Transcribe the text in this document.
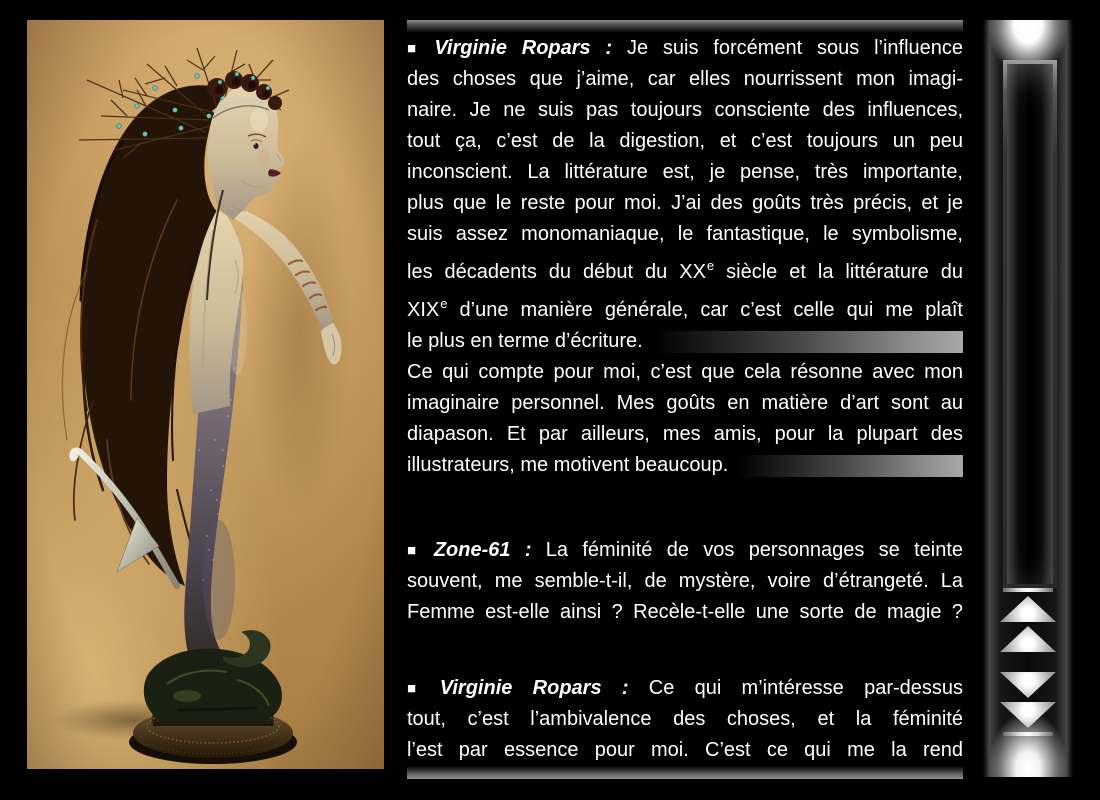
■ Virginie Ropars : Je suis forcément sous l’influence
des choses que j’aime, car elles nourrissent mon imagi-
naire. Je ne suis pas toujours consciente des influences,
tout ça, c’est de la digestion, et c’est toujours un peu
inconscient. La littérature est, je pense, très importante,
plus que le reste pour moi. J’ai des goûts très précis, et je
suis assez monomaniaque, le fantastique, le symbolisme,
les décadents du début du XXe siècle et la littérature du
XIXe d’une manière générale, car c’est celle qui me plaît
le plus en terme d’écriture.
Ce qui compte pour moi, c’est que cela résonne avec mon
imaginaire personnel. Mes goûts en matière d’art sont au
diapason. Et par ailleurs, mes amis, pour la plupart des
illustrateurs, me motivent beaucoup.
■ Zone-61 : La féminité de vos personnages se teinte
souvent, me semble-t-il, de mystère, voire d’étrangeté. La
Femme est-elle ainsi ? Recèle-t-elle une sorte de magie ?
■ Virginie Ropars : Ce qui m’intéresse par-dessus
tout, c’est l’ambivalence des choses, et la féminité
l’est par essence pour moi. C’est ce qui me la rend
